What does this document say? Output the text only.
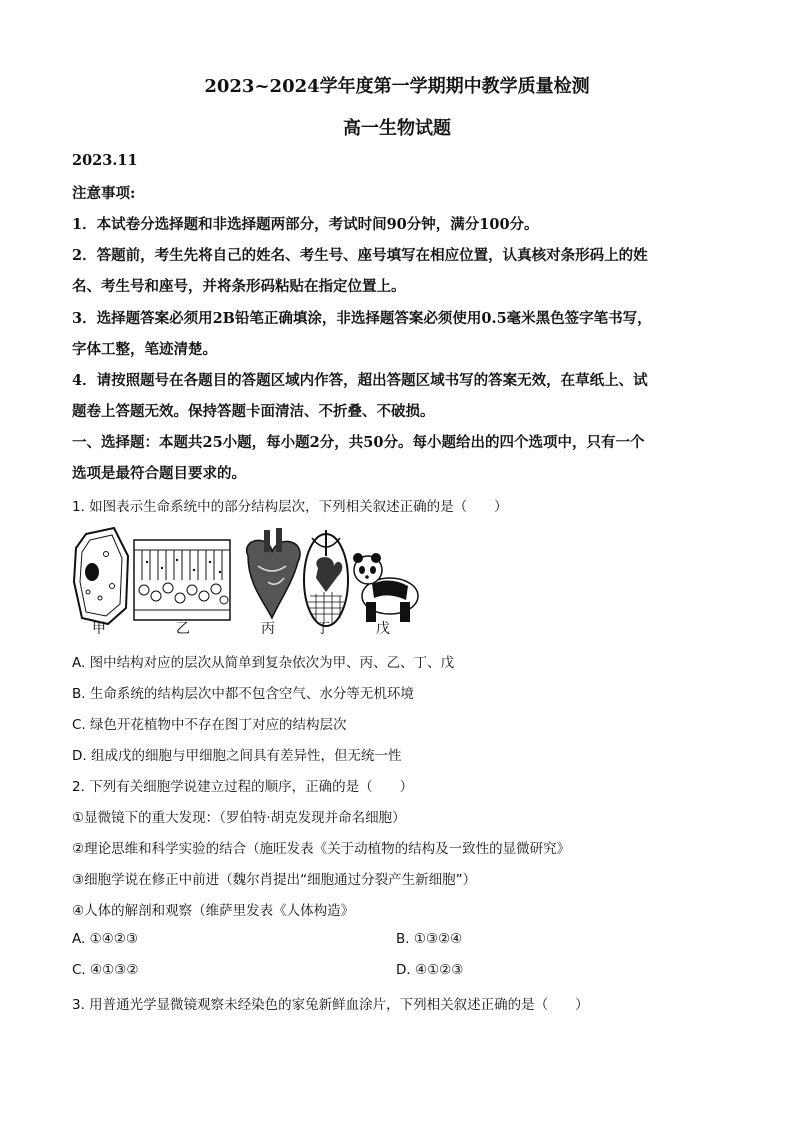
2023~2024学年度第一学期期中教学质量检测
高一生物试题
2023.11
注意事项:
1．本试卷分选择题和非选择题两部分，考试时间90分钟，满分100分。
2．答题前，考生先将自己的姓名、考生号、座号填写在相应位置，认真核对条形码上的姓
名、考生号和座号，并将条形码粘贴在指定位置上。
3．选择题答案必须用2B铅笔正确填涂，非选择题答案必须使用0.5毫米黑色签字笔书写，
字体工整，笔迹清楚。
4．请按照题号在各题目的答题区域内作答，超出答题区域书写的答案无效，在草纸上、试
题卷上答题无效。保持答题卡面清洁、不折叠、不破损。
一、选择题：本题共25小题，每小题2分，共50分。每小题给出的四个选项中，只有一个
选项是最符合题目要求的。
1. 如图表示生命系统中的部分结构层次，下列相关叙述正确的是（　　）
甲	乙	丙	丁	戊
A. 图中结构对应的层次从简单到复杂依次为甲、丙、乙、丁、戊
B. 生命系统的结构层次中都不包含空气、水分等无机环境
C. 绿色开花植物中不存在图丁对应的结构层次
D. 组成戊的细胞与甲细胞之间具有差异性，但无统一性
2. 下列有关细胞学说建立过程的顺序，正确的是（　　）
①显微镜下的重大发现：（罗伯特·胡克发现并命名细胞）
②理论思维和科学实验的结合（施旺发表《关于动植物的结构及一致性的显微研究》
③细胞学说在修正中前进（魏尔肖提出“细胞通过分裂产生新细胞”）
④人体的解剖和观察（维萨里发表《人体构造》
A. ①④②③	B. ①③②④
C. ④①③②	D. ④①②③
3. 用普通光学显微镜观察未经染色的家兔新鲜血涂片，下列相关叙述正确的是（　　）
